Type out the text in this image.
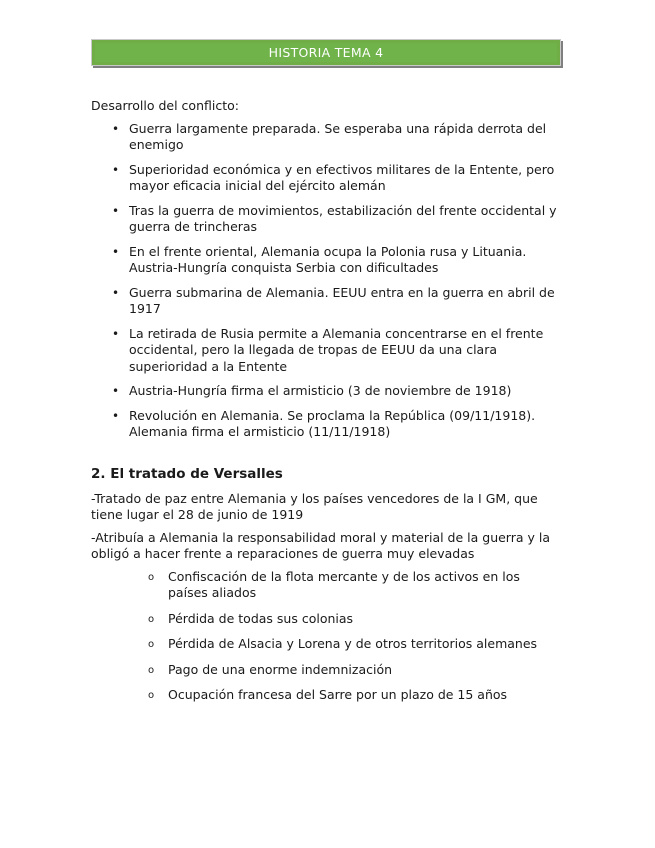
HISTORIA TEMA 4

Desarrollo del conflicto:

• Guerra largamente preparada. Se esperaba una rápida derrota del enemigo
• Superioridad económica y en efectivos militares de la Entente, pero mayor eficacia inicial del ejército alemán
• Tras la guerra de movimientos, estabilización del frente occidental y guerra de trincheras
• En el frente oriental, Alemania ocupa la Polonia rusa y Lituania. Austria-Hungría conquista Serbia con dificultades
• Guerra submarina de Alemania. EEUU entra en la guerra en abril de 1917
• La retirada de Rusia permite a Alemania concentrarse en el frente occidental, pero la llegada de tropas de EEUU da una clara superioridad a la Entente
• Austria-Hungría firma el armisticio (3 de noviembre de 1918)
• Revolución en Alemania. Se proclama la República (09/11/1918). Alemania firma el armisticio (11/11/1918)
2. El tratado de Versalles

-Tratado de paz entre Alemania y los países vencedores de la I GM, que tiene lugar el 28 de junio de 1919

-Atribuía a Alemania la responsabilidad moral y material de la guerra y la obligó a hacer frente a reparaciones de guerra muy elevadas

o Confiscación de la flota mercante y de los activos en los países aliados
o Pérdida de todas sus colonias
o Pérdida de Alsacia y Lorena y de otros territorios alemanes
o Pago de una enorme indemnización
o Ocupación francesa del Sarre por un plazo de 15 años
